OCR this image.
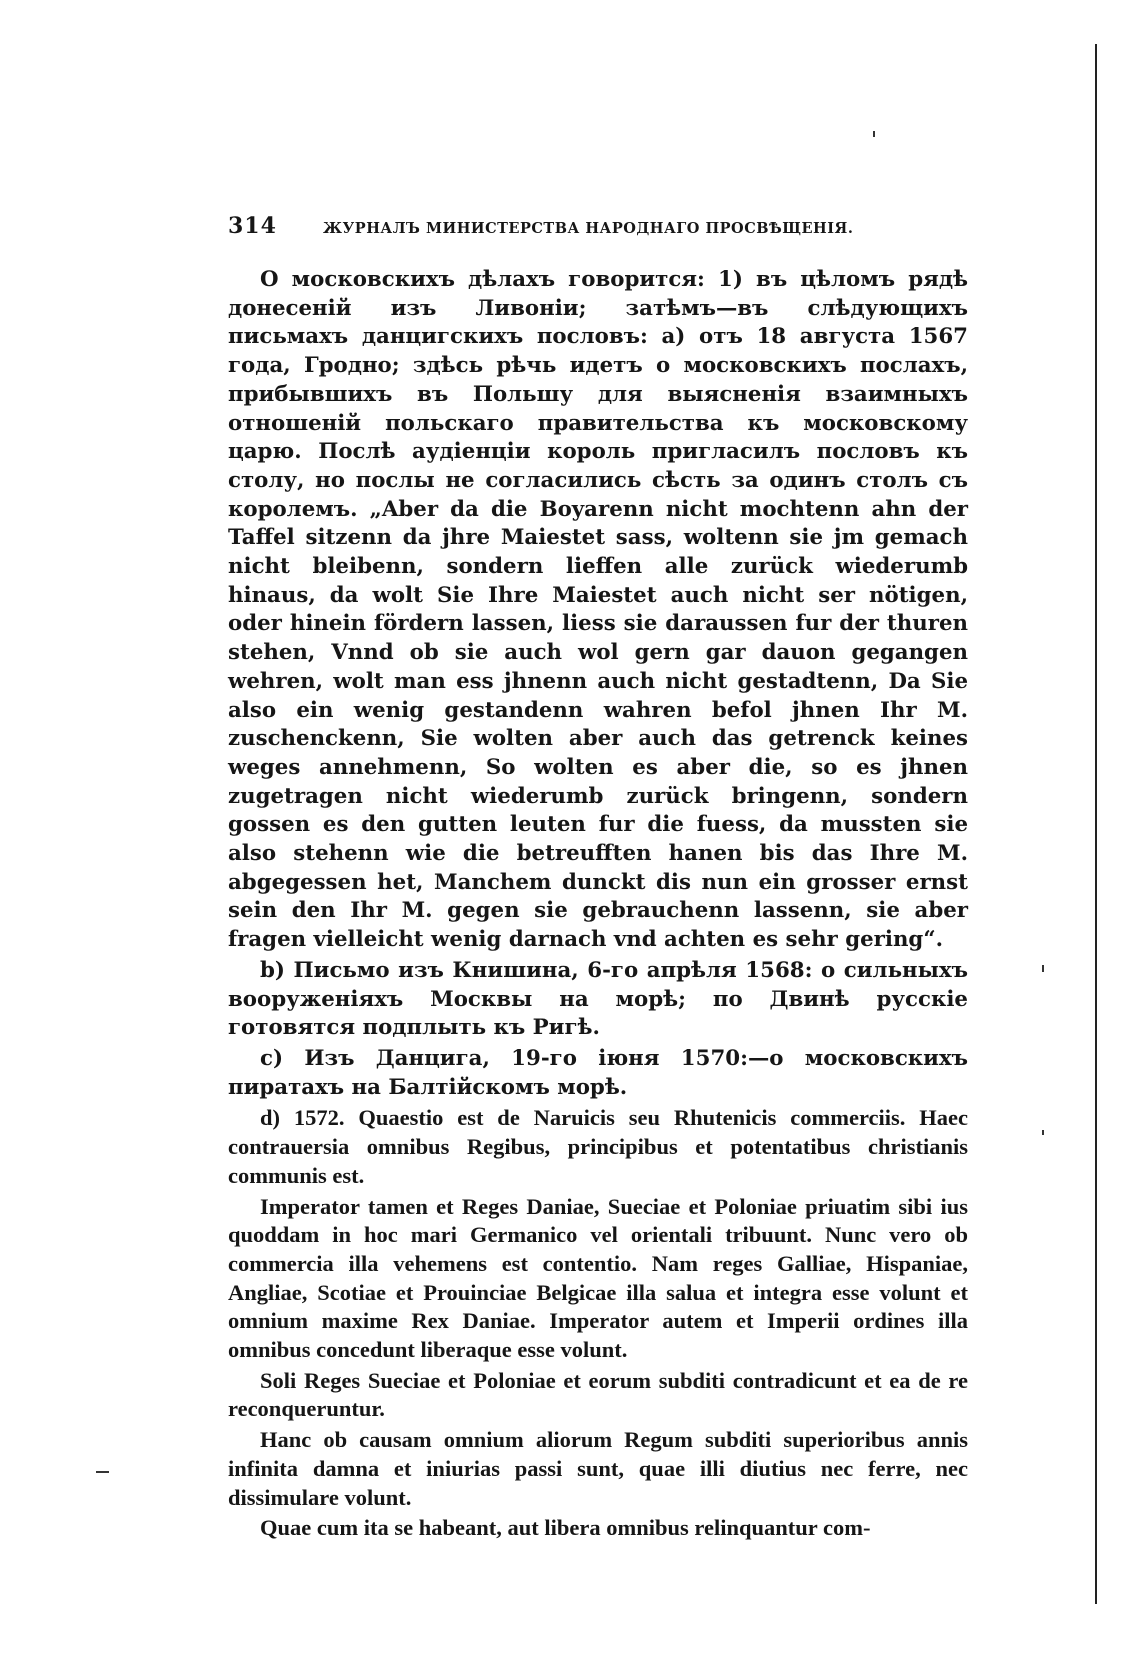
314	ЖУРНАЛЪ МИНИСТЕРСТВА НАРОДНАГО ПРОСВѢЩЕНІЯ.

О московскихъ дѣлахъ говорится: 1) въ цѣломъ рядѣ донесеній изъ Ливоніи; затѣмъ—въ слѣдующихъ письмахъ данцигскихъ пословъ: а) отъ 18 августа 1567 года, Гродно; здѣсь рѣчь идетъ о московскихъ послахъ, прибывшихъ въ Польшу для выясненія взаимныхъ отношеній польскаго правительства къ московскому царю. Послѣ аудіенціи король пригласилъ пословъ къ столу, но послы не согласились сѣсть за одинъ столъ съ королемъ. „Aber da die Boyarenn nicht mochtenn ahn der Taffel sitzenn da jhre Maiestet sass, woltenn sie jm gemach nicht bleibenn, sondern lieffen alle zurück wiederumb hinaus, da wolt Sie Ihre Maiestet auch nicht ser nötigen, oder hinein fördern lassen, liess sie daraussen fur der thuren stehen, Vnnd ob sie auch wol gern gar dauon gegangen wehren, wolt man ess jhnenn auch nicht gestadtenn, Da Sie also ein wenig gestandenn wahren befol jhnen Ihr M. zuschenckenn, Sie wolten aber auch das getrenck keines weges annehmenn, So wolten es aber die, so es jhnen zugetragen nicht wiederumb zurück bringenn, sondern gossen es den gutten leuten fur die fuess, da mussten sie also stehenn wie die betreufften hanen bis das Ihre M. abgegessen het, Manchem dunckt dis nun ein grosser ernst sein den Ihr M. gegen sie gebrauchenn lassenn, sie aber fragen vielleicht wenig darnach vnd achten es sehr gering“.

b) Письмо изъ Книшина, 6-го апрѣля 1568: о сильныхъ вооруженіяхъ Москвы на морѣ; по Двинѣ русскіе готовятся подплыть къ Ригѣ.

c) Изъ Данцига, 19-го іюня 1570:—о московскихъ пиратахъ на Балтійскомъ морѣ.

d) 1572. Quaestio est de Naruicis seu Rhutenicis commerciis. Haec contrauersia omnibus Regibus, principibus et potentatibus christianis communis est.

Imperator tamen et Reges Daniae, Sueciae et Poloniae priuatim sibi ius quoddam in hoc mari Germanico vel orientali tribuunt. Nunc vero ob commercia illa vehemens est contentio. Nam reges Galliae, Hispaniae, Angliae, Scotiae et Prouinciae Belgicae illa salua et integra esse volunt et omnium maxime Rex Daniae. Imperator autem et Imperii ordines illa omnibus concedunt liberaque esse volunt.

Soli Reges Sueciae et Poloniae et eorum subditi contradicunt et ea de re reconqueruntur.

Hanc ob causam omnium aliorum Regum subditi superioribus annis infinita damna et iniurias passi sunt, quae illi diutius nec ferre, nec dissimulare volunt.

Quae cum ita se habeant, aut libera omnibus relinquantur com-
